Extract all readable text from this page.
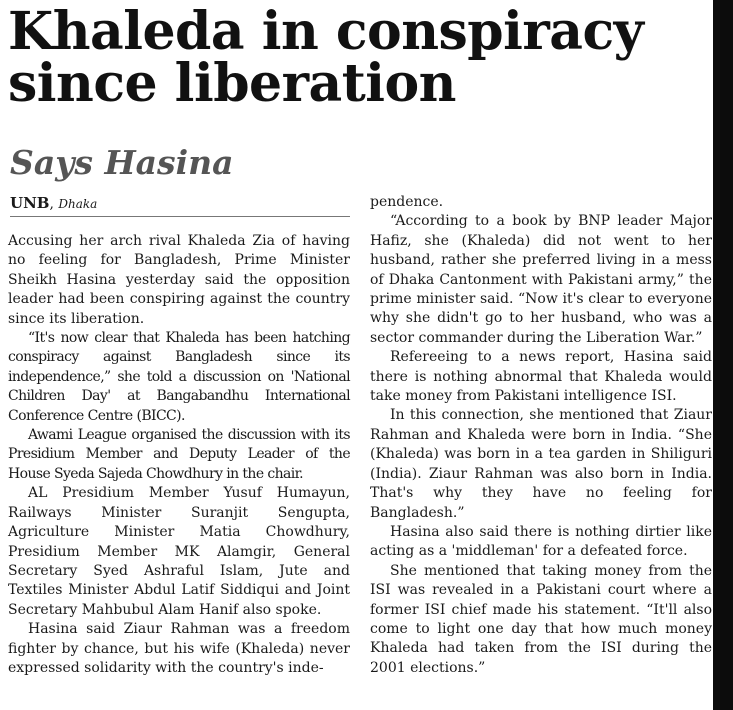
Khaleda in conspiracy
since liberation
Says Hasina
UNB, Dhaka

Accusing her arch rival Khaleda Zia of having no feeling for Bangladesh, Prime Minister Sheikh Hasina yesterday said the opposition leader had been conspiring against the country since its liberation.

“It's now clear that Khaleda has been hatching conspiracy against Bangladesh since its independence,” she told a discussion on 'National Children Day' at Bangabandhu International Conference Centre (BICC).

Awami League organised the discussion with its Presidium Member and Deputy Leader of the House Syeda Sajeda Chowdhury in the chair.

AL Presidium Member Yusuf Humayun, Railways Minister Suranjit Sengupta, Agriculture Minister Matia Chowdhury, Presidium Member MK Alamgir, General Secretary Syed Ashraful Islam, Jute and Textiles Minister Abdul Latif Siddiqui and Joint Secretary Mahbubul Alam Hanif also spoke.

Hasina said Ziaur Rahman was a freedom fighter by chance, but his wife (Khaleda) never expressed solidarity with the country's inde-

pendence.

“According to a book by BNP leader Major Hafiz, she (Khaleda) did not went to her husband, rather she preferred living in a mess of Dhaka Cantonment with Pakistani army,” the prime minister said. “Now it's clear to everyone why she didn't go to her husband, who was a sector commander during the Liberation War.”

Refereeing to a news report, Hasina said there is nothing abnormal that Khaleda would take money from Pakistani intelligence ISI.

In this connection, she mentioned that Ziaur Rahman and Khaleda were born in India. “She (Khaleda) was born in a tea garden in Shiliguri (India). Ziaur Rahman was also born in India. That's why they have no feeling for Bangladesh.”

Hasina also said there is nothing dirtier like acting as a 'middleman' for a defeated force.

She mentioned that taking money from the ISI was revealed in a Pakistani court where a former ISI chief made his statement. “It'll also come to light one day that how much money Khaleda had taken from the ISI during the 2001 elections.”
